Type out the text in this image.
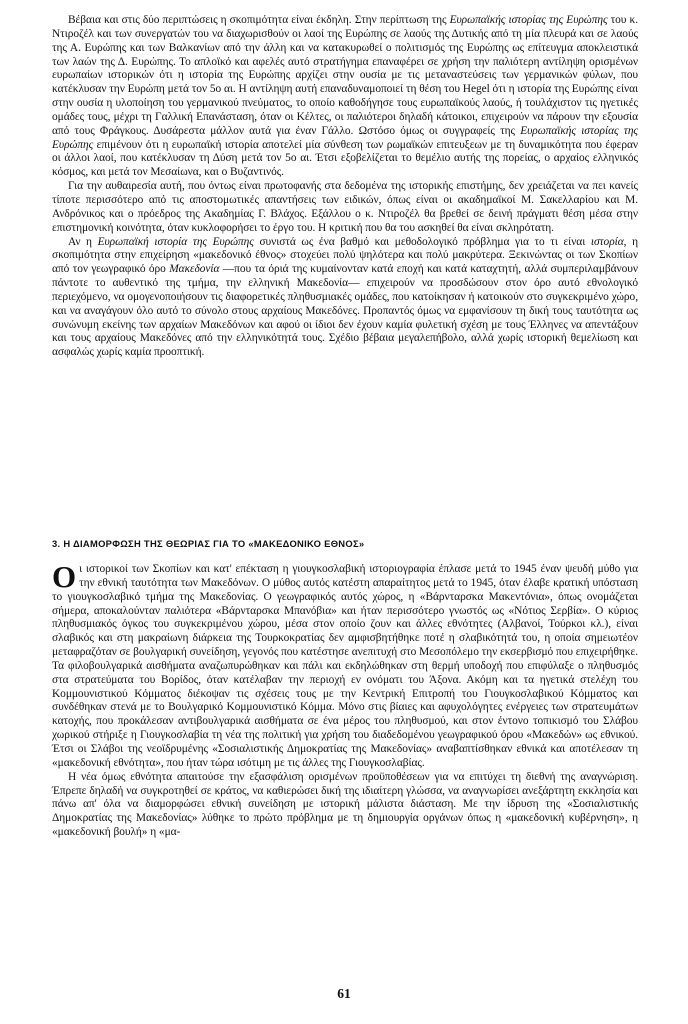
Βέβαια και στις δύο περιπτώσεις η σκοπιμότητα είναι έκδηλη. Στην περίπτωση της Ευρωπαϊκής ιστορίας της Ευρώπης του κ. Ντιροζέλ και των συνεργατών του να διαχωρισθούν οι λαοί της Ευρώπης σε λαούς της Δυτικής από τη μία πλευρά και σε λαούς της Α. Ευρώπης και των Βαλκανίων από την άλλη και να κατακυρωθεί ο πολιτισμός της Ευρώπης ως επίτευγμα αποκλειστικά των λαών της Δ. Ευρώπης. Το απλοϊκό και αφελές αυτό στρατήγημα επαναφέρει σε χρήση την παλιότερη αντίληψη ορισμένων ευρωπαίων ιστορικών ότι η ιστορία της Ευρώπης αρχίζει στην ουσία με τις μεταναστεύσεις των γερμανικών φύλων, που κατέκλυσαν την Ευρώπη μετά τον 5ο αι. Η αντίληψη αυτή επαναδυναμοποιεί τη θέση του Hegel ότι η ιστορία της Ευρώπης είναι στην ουσία η υλοποίηση του γερμανικού πνεύματος, το οποίο καθοδήγησε τους ευρωπαϊκούς λαούς, ή τουλάχιστον τις ηγετικές ομάδες τους, μέχρι τη Γαλλική Επανάσταση, όταν οι Κέλτες, οι παλιότεροι δηλαδή κάτοικοι, επιχειρούν να πάρουν την εξουσία από τους Φράγκους. Δυσάρεστα μάλλον αυτά για έναν Γάλλο. Ωστόσο όμως οι συγγραφείς της Ευρωπαϊκής ιστορίας της Ευρώπης επιμένουν ότι η ευρωπαϊκή ιστορία αποτελεί μία σύνθεση των ρωμαϊκών επιτευξεων με τη δυναμικότητα που έφεραν οι άλλοι λαοί, που κατέκλυσαν τη Δύση μετά τον 5ο αι. Έτσι εξοβελίζεται το θεμέλιο αυτής της πορείας, ο αρχαίος ελληνικός κόσμος, και μετά τον Μεσαίωνα, και ο Βυζαντινός.

Για την αυθαιρεσία αυτή, που όντως είναι πρωτοφανής στα δεδομένα της ιστορικής επιστήμης, δεν χρειάζεται να πει κανείς τίποτε περισσότερο από τις αποστομωτικές απαντήσεις των ειδικών, όπως είναι οι ακαδημαϊκοί Μ. Σακελλαρίου και Μ. Ανδρόνικος και ο πρόεδρος της Ακαδημίας Γ. Βλάχος. Εξάλλου ο κ. Ντιροζέλ θα βρεθεί σε δεινή πράγματι θέση μέσα στην επιστημονική κοινότητα, όταν κυκλοφορήσει το έργο του. Η κριτική που θα του ασκηθεί θα είναι σκληρότατη.

Αν η Ευρωπαϊκή ιστορία της Ευρώπης συνιστά ως ένα βαθμό και μεθοδολογικό πρόβλημα για το τι είναι ιστορία, η σκοπιμότητα στην επιχείρηση «μακεδονικό έθνος» στοχεύει πολύ ψηλότερα και πολύ μακρύτερα. Ξεκινώντας οι των Σκοπίων από τον γεωγραφικό όρο Μακεδονία —που τα όριά της κυμαίνονταν κατά εποχή και κατά καταχτητή, αλλά συμπεριλαμβάνουν πάντοτε το αυθεντικό της τμήμα, την ελληνική Μακεδονία— επιχειρούν να προσδώσουν στον όρο αυτό εθνολογικό περιεχόμενο, να ομογενοποιήσουν τις διαφορετικές πληθυσμιακές ομάδες, που κατοίκησαν ή κατοικούν στο συγκεκριμένο χώρο, και να αναγάγουν όλο αυτό το σύνολο στους αρχαίους Μακεδόνες. Προπαντός όμως να εμφανίσουν τη δική τους ταυτότητα ως συνώνυμη εκείνης των αρχαίων Μακεδόνων και αφού οι ίδιοι δεν έχουν καμία φυλετική σχέση με τους Έλληνες να απεντάξουν και τους αρχαίους Μακεδόνες από την ελληνικότητά τους. Σχέδιο βέβαια μεγαλεπήβολο, αλλά χωρίς ιστορική θεμελίωση και ασφαλώς χωρίς καμία προοπτική.

3. Η ΔΙΑΜΟΡΦΩΣΗ ΤΗΣ ΘΕΩΡΙΑΣ ΓΙΑ ΤΟ «ΜΑΚΕΔΟΝΙΚΟ ΕΘΝΟΣ»

Οι ιστορικοί των Σκοπίων και κατ' επέκταση η γιουγκοσλαβική ιστοριογραφία έπλασε μετά το 1945 έναν ψευδή μύθο για την εθνική ταυτότητα των Μακεδόνων. Ο μύθος αυτός κατέστη απαραίτητος μετά το 1945, όταν έλαβε κρατική υπόσταση το γιουγκοσλαβικό τμήμα της Μακεδονίας. Ο γεωγραφικός αυτός χώρος, η «Βάρνταρσκα Μακεντόνια», όπως ονομάζεται σήμερα, αποκαλούνταν παλιότερα «Βάρνταρσκα Μπανόβια» και ήταν περισσότερο γνωστός ως «Νότιος Σερβία». Ο κύριος πληθυσμιακός όγκος του συγκεκριμένου χώρου, μέσα στον οποίο ζουν και άλλες εθνότητες (Αλβανοί, Τούρκοι κλ.), είναι σλαβικός και στη μακραίωνη διάρκεια της Τουρκοκρατίας δεν αμφισβητήθηκε ποτέ η σλαβικότητά του, η οποία σημειωτέον μεταφραζόταν σε βουλγαρική συνείδηση, γεγονός που κατέστησε ανεπιτυχή στο Μεσοπόλεμο την εκσερβισμό που επιχειρήθηκε. Τα φιλοβουλγαρικά αισθήματα αναζωπυρώθηκαν και πάλι και εκδηλώθηκαν στη θερμή υποδοχή που επιφύλαξε ο πληθυσμός στα στρατεύματα του Βορίδος, όταν κατέλαβαν την περιοχή εν ονόματι του Άξονα. Ακόμη και τα ηγετικά στελέχη του Κομμουνιστικού Κόμματος διέκοψαν τις σχέσεις τους με την Κεντρική Επιτροπή του Γιουγκοσλαβικού Κόμματος και συνδέθηκαν στενά με το Βουλγαρικό Κομμουνιστικό Κόμμα. Μόνο στις βίαιες και αφυχολόγητες ενέργειες των στρατευμάτων κατοχής, που προκάλεσαν αντιβουλγαρικά αισθήματα σε ένα μέρος του πληθυσμού, και στον έντονο τοπικισμό του Σλάβου χωρικού στήριξε η Γιουγκοσλαβία τη νέα της πολιτική για χρήση του διαδεδομένου γεωγραφικού όρου «Μακεδών» ως εθνικού. Έτσι οι Σλάβοι της νεοϊδρυμένης «Σοσιαλιστικής Δημοκρατίας της Μακεδονίας» αναβαπτίσθηκαν εθνικά και αποτέλεσαν τη «μακεδονική εθνότητα», που ήταν τώρα ισότιμη με τις άλλες της Γιουγκοσλαβίας.

Η νέα όμως εθνότητα απαιτούσε την εξασφάλιση ορισμένων προϋποθέσεων για να επιτύχει τη διεθνή της αναγνώριση. Έπρεπε δηλαδή να συγκροτηθεί σε κράτος, να καθιερώσει δική της ιδιαίτερη γλώσσα, να αναγνωρίσει ανεξάρτητη εκκλησία και πάνω απ' όλα να διαμορφώσει εθνική συνείδηση με ιστορική μάλιστα διάσταση. Με την ίδρυση της «Σοσιαλιστικής Δημοκρατίας της Μακεδονίας» λύθηκε το πρώτο πρόβλημα με τη δημιουργία οργάνων όπως η «μακεδονική κυβέρνηση», η «μακεδονική βουλή» η «μα-

61
